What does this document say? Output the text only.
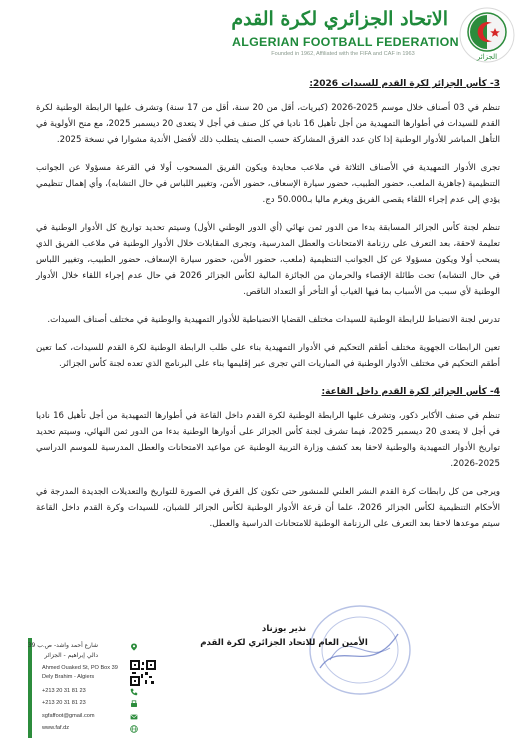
الاتحاد الجزائري لكرة القدم
ALGERIAN FOOTBALL FEDERATION
Founded in 1962, Affiliated with the FIFA and CAF in 1963	الجزائر
3- كأس الجزائر لكرة القدم للسيدات 2026:

تنظم في 03 أصناف خلال موسم 2025-2026 (كبريات، أقل من 20 سنة، أقل من 17 سنة) وتشرف عليها الرابطة الوطنية لكرة القدم للسيدات في أطوارها التمهيدية من أجل تأهيل 16 ناديا في كل صنف في أجل لا يتعدى 20 ديسمبر 2025، مع منح الأولوية في التأهل المباشر للأدوار الوطنية إذا كان عدد الفرق المشاركة حسب الصنف يتطلب ذلك لأفضل الأندية مشوارا في نسخة 2025.

تجرى الأدوار التمهيدية في الأصناف الثلاثة في ملاعب محايدة ويكون الفريق المسحوب أولا في القرعة مسؤولا عن الجوانب التنظيمية (جاهزية الملعب، حضور الطبيب، حضور سيارة الإسعاف، حضور الأمن، وتغيير اللباس في حال التشابه)، وأي إهمال تنظيمي يؤدي إلى عدم إجراء اللقاء يقصى الفريق ويغرم ماليا بـ50.000 دج.

تنظم لجنة كأس الجزائر المسابقة بدءا من الدور ثمن نهائي (أي الدور الوطني الأول) وسيتم تحديد تواريخ كل الأدوار الوطنية في تعليمة لاحقة، بعد التعرف على رزنامة الامتحانات والعطل المدرسية، وتجرى المقابلات خلال الأدوار الوطنية في ملاعب الفريق الذي يسحب أولا ويكون مسؤولا عن كل الجوانب التنظيمية (ملعب، حضور الأمن، حضور سيارة الإسعاف، حضور الطبيب، وتغيير اللباس في حال التشابه) تحت طائلة الإقصاء والحرمان من الجائزة المالية لكأس الجزائر 2026 في حال عدم إجراء اللقاء خلال الأدوار الوطنية لأي سبب من الأسباب بما فيها الغياب أو التأخر أو التعداد الناقص.

تدرس لجنة الانضباط للرابطة الوطنية للسيدات مختلف القضايا الانضباطية للأدوار التمهيدية والوطنية في مختلف أصناف السيدات.

تعين الرابطات الجهوية مختلف أطقم التحكيم في الأدوار التمهيدية بناء على طلب الرابطة الوطنية لكرة القدم للسيدات، كما تعين أطقم التحكيم في مختلف الأدوار الوطنية في المباريات التي تجرى عبر إقليمها بناء على البرنامج الذي تعده لجنة كأس الجزائر.

4- كأس الجزائر لكرة القدم داخل القاعة:

تنظم في صنف الأكابر ذكور، وتشرف عليها الرابطة الوطنية لكرة القدم داخل القاعة في أطوارها التمهيدية من أجل تأهيل 16 ناديا في أجل لا يتعدى 20 ديسمبر 2025، فيما تشرف لجنة كأس الجزائر على أدوارها الوطنية بدءا من الدور ثمن النهائي، وسيتم تحديد تواريخ الأدوار التمهيدية والوطنية لاحقا بعد كشف وزارة التربية الوطنية عن مواعيد الامتحانات والعطل المدرسية للموسم الدراسي 2025-2026.

ويرجى من كل رابطات كرة القدم النشر العلني للمنشور حتى تكون كل الفرق في الصورة للتواريخ والتعديلات الجديدة المدرجة في الأحكام التنظيمية لكأس الجزائر 2026، علما أن قرعة الأدوار الوطنية لكأس الجزائر للشبان، للسيدات وكرة القدم داخل القاعة سيتم موعدها لاحقا بعد التعرف على الرزنامة الوطنية للامتحانات الدراسية والعطل.

نذير بوزناد
الأمين العام للاتحاد الجزائري لكرة القدم
شارع أحمد واشد- ص.ب 39
دالي إبراهيم - الجزائر
Ahmed Ouaked St, PO Box 39
Dely Brahim - Algiers
+213 20 31 81 23
+213 20 31 81 23
sgfaffoot@gmail.com
www.faf.dz
